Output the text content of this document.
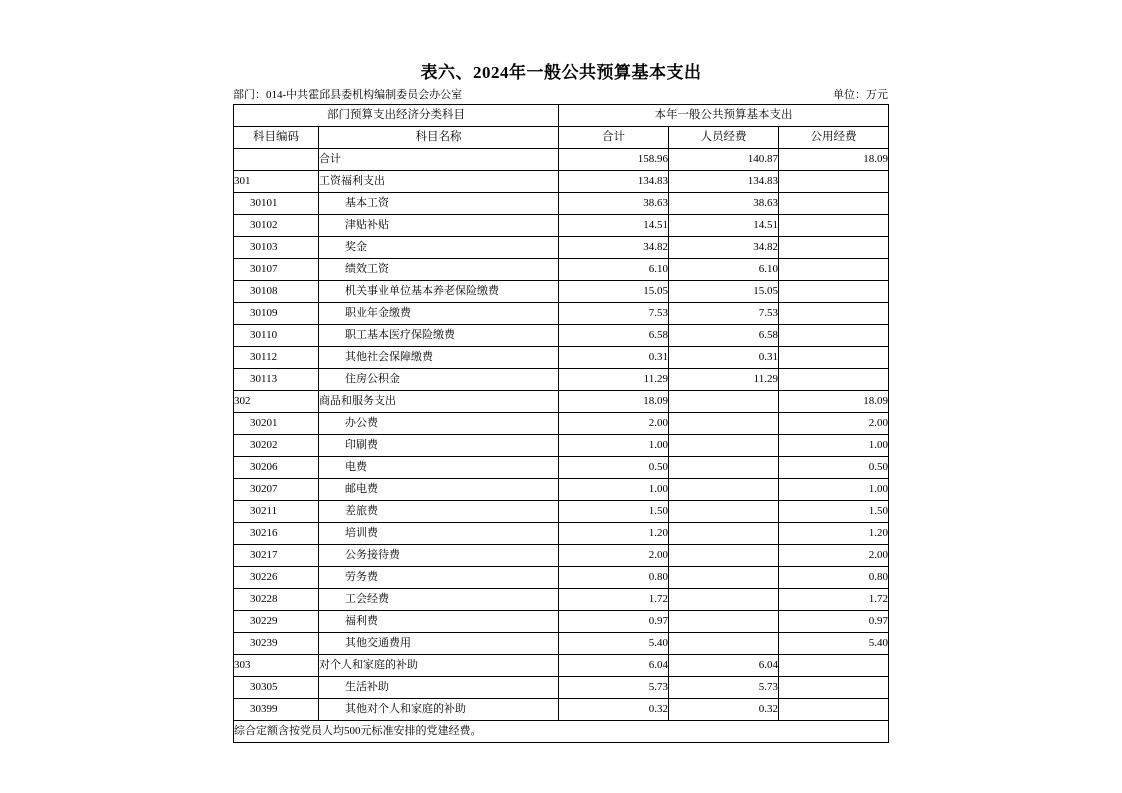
表六、2024年一般公共预算基本支出
部门：014-中共霍邱县委机构编制委员会办公室	单位：万元
部门预算支出经济分类科目		本年一般公共预算基本支出		
科目编码	科目名称	合计	人员经费	公用经费
	合计	158.96	140.87	18.09
301	工资福利支出	134.83	134.83	
30101	基本工资	38.63	38.63	
30102	津贴补贴	14.51	14.51	
30103	奖金	34.82	34.82	
30107	绩效工资	6.10	6.10	
30108	机关事业单位基本养老保险缴费	15.05	15.05	
30109	职业年金缴费	7.53	7.53	
30110	职工基本医疗保险缴费	6.58	6.58	
30112	其他社会保障缴费	0.31	0.31	
30113	住房公积金	11.29	11.29	
302	商品和服务支出	18.09		18.09
30201	办公费	2.00		2.00
30202	印刷费	1.00		1.00
30206	电费	0.50		0.50
30207	邮电费	1.00		1.00
30211	差旅费	1.50		1.50
30216	培训费	1.20		1.20
30217	公务接待费	2.00		2.00
30226	劳务费	0.80		0.80
30228	工会经费	1.72		1.72
30229	福利费	0.97		0.97
30239	其他交通费用	5.40		5.40
303	对个人和家庭的补助	6.04	6.04	
30305	生活补助	5.73	5.73	
30399	其他对个人和家庭的补助	0.32	0.32	
综合定额含按党员人均500元标准安排的党建经费。				
